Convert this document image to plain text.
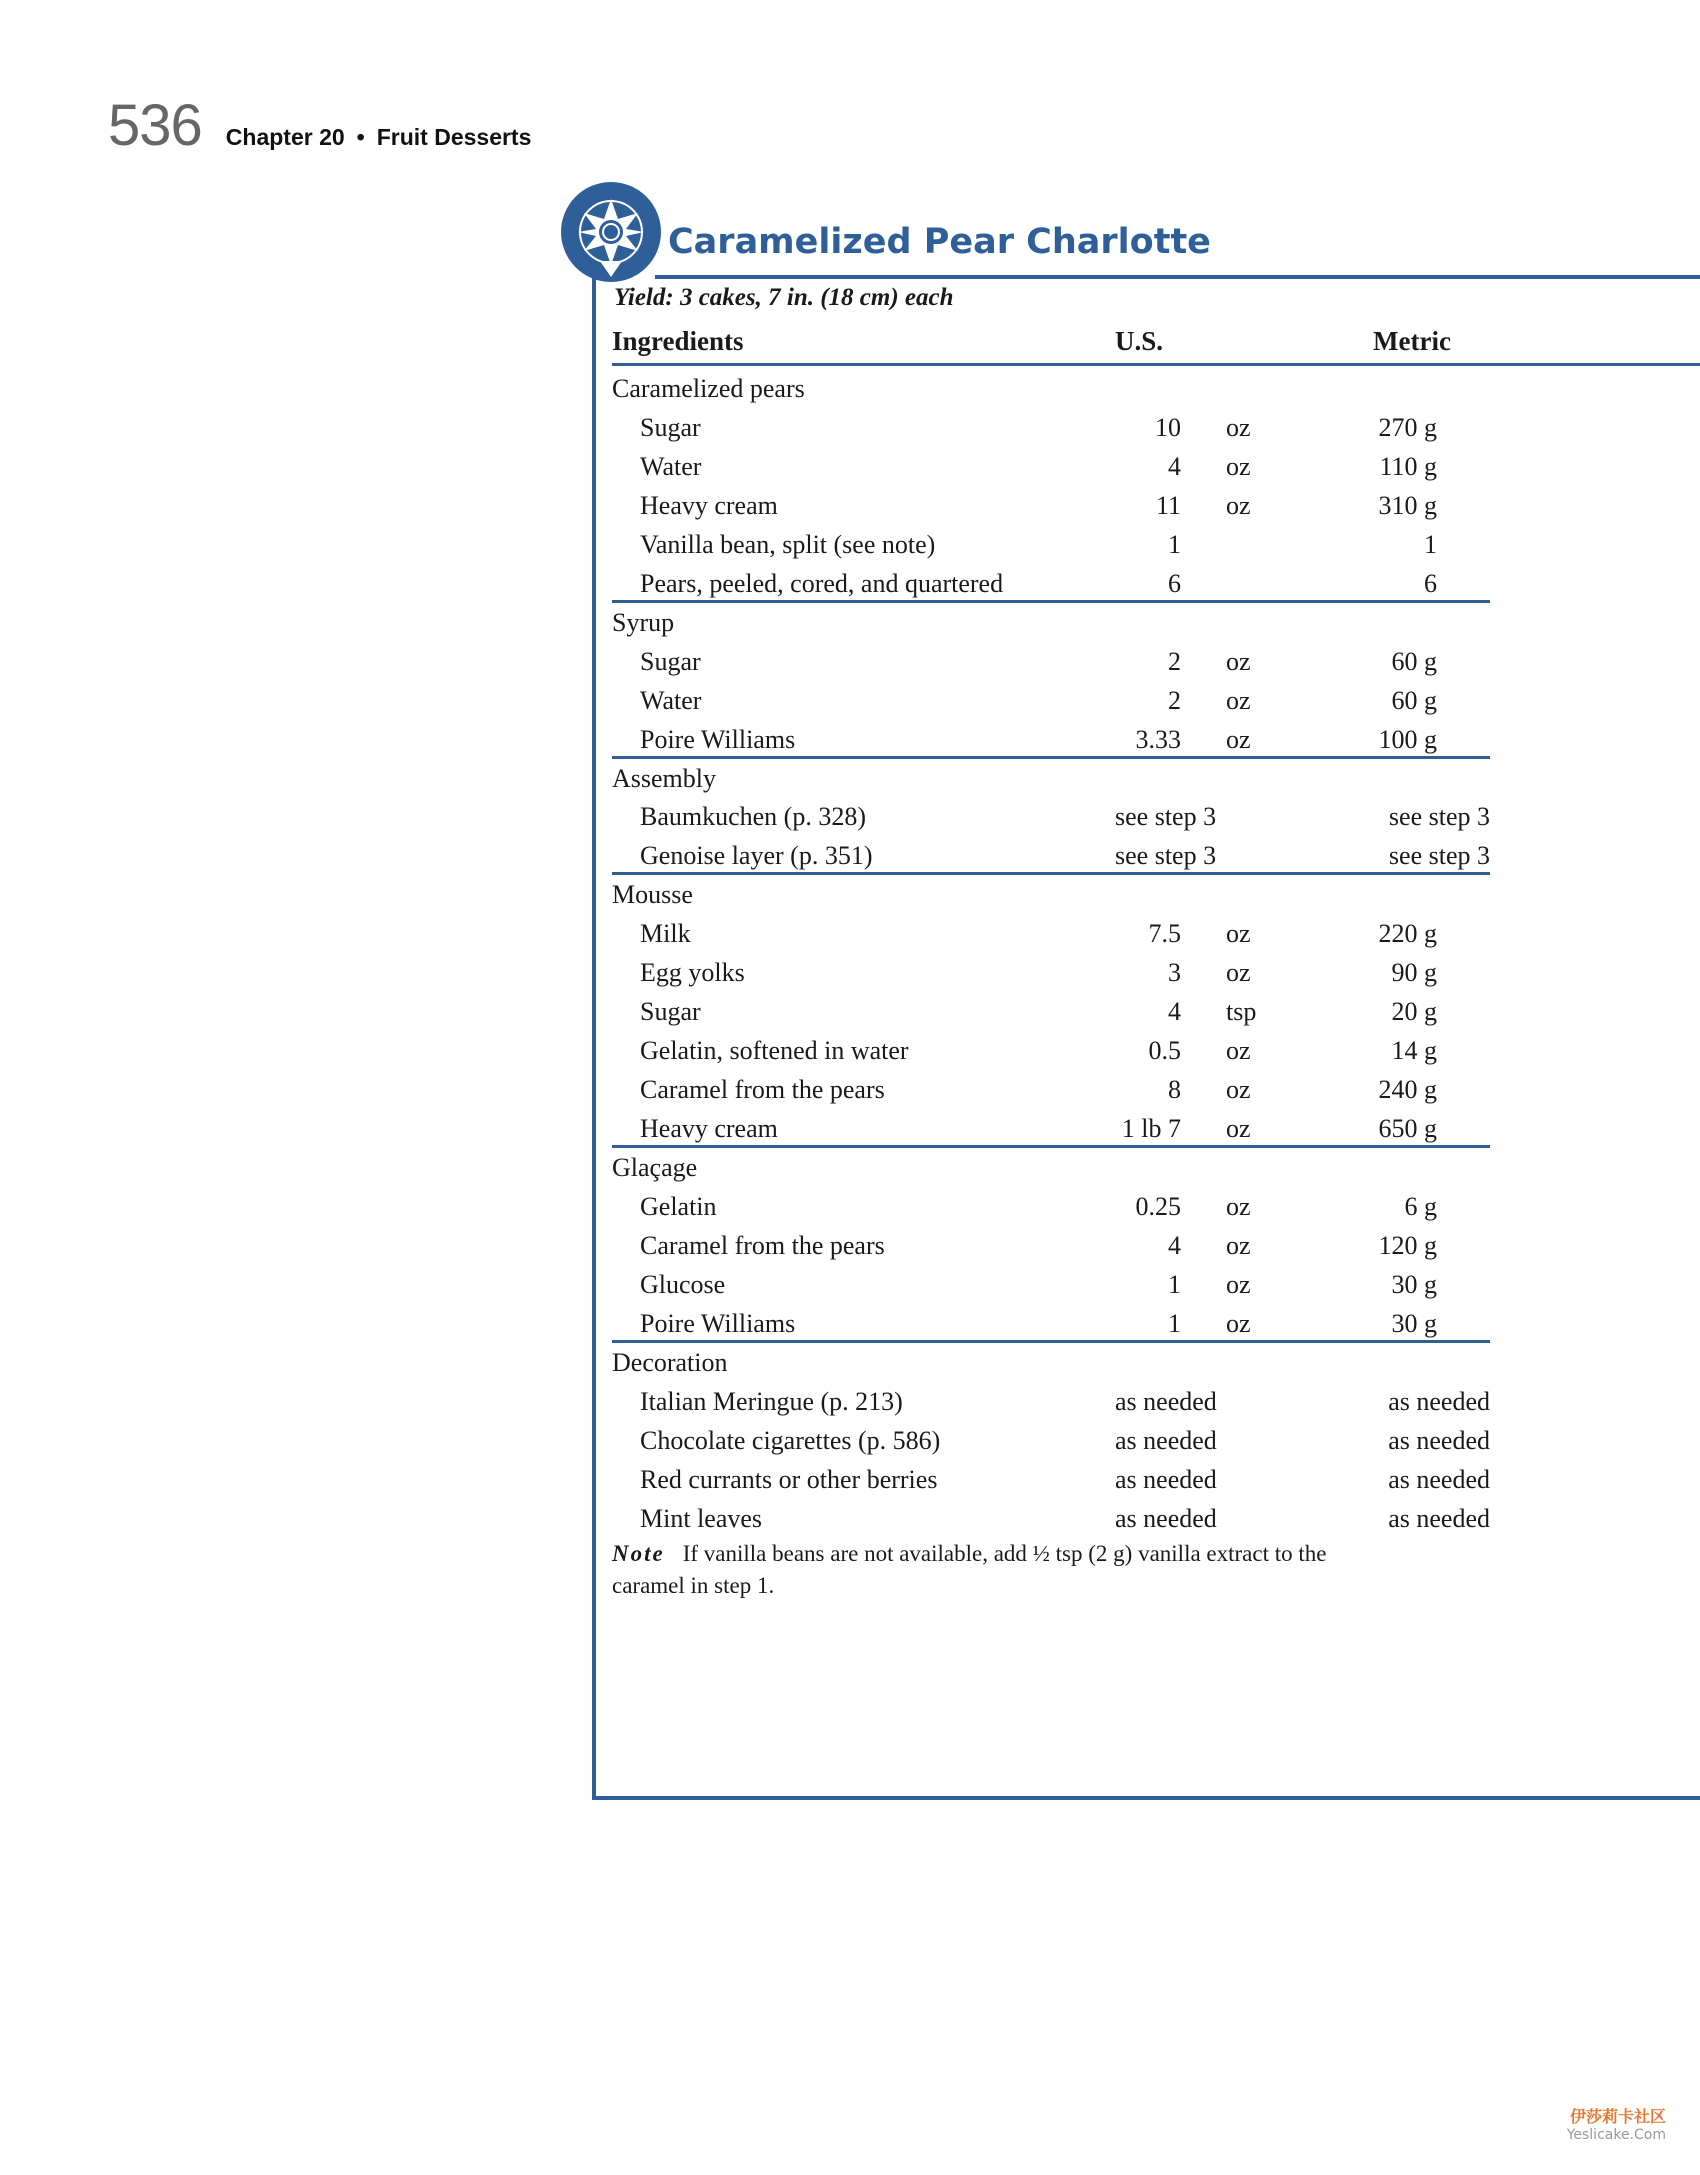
536 Chapter 20 • Fruit Desserts
Caramelized Pear Charlotte
Yield: 3 cakes, 7 in. (18 cm) each
Ingredients	U.S.	Metric
Caramelized pears
Sugar	10 oz	270 g
Water	4 oz	110 g
Heavy cream	11 oz	310 g
Vanilla bean, split (see note)	1	1
Pears, peeled, cored, and quartered	6	6
Syrup
Sugar	2 oz	60 g
Water	2 oz	60 g
Poire Williams	3.33 oz	100 g
Assembly
Baumkuchen (p. 328)	see step 3	see step 3
Genoise layer (p. 351)	see step 3	see step 3
Mousse
Milk	7.5 oz	220 g
Egg yolks	3 oz	90 g
Sugar	4 tsp	20 g
Gelatin, softened in water	0.5 oz	14 g
Caramel from the pears	8 oz	240 g
Heavy cream	1 lb 7 oz	650 g
Glaçage
Gelatin	0.25 oz	6 g
Caramel from the pears	4 oz	120 g
Glucose	1 oz	30 g
Poire Williams	1 oz	30 g
Decoration
Italian Meringue (p. 213)	as needed	as needed
Chocolate cigarettes (p. 586)	as needed	as needed
Red currants or other berries	as needed	as needed
Mint leaves	as needed	as needed
Note If vanilla beans are not available, add ½ tsp (2 g) vanilla extract to the caramel in step 1.
伊莎莉卡社区
Yeslicake.Com
